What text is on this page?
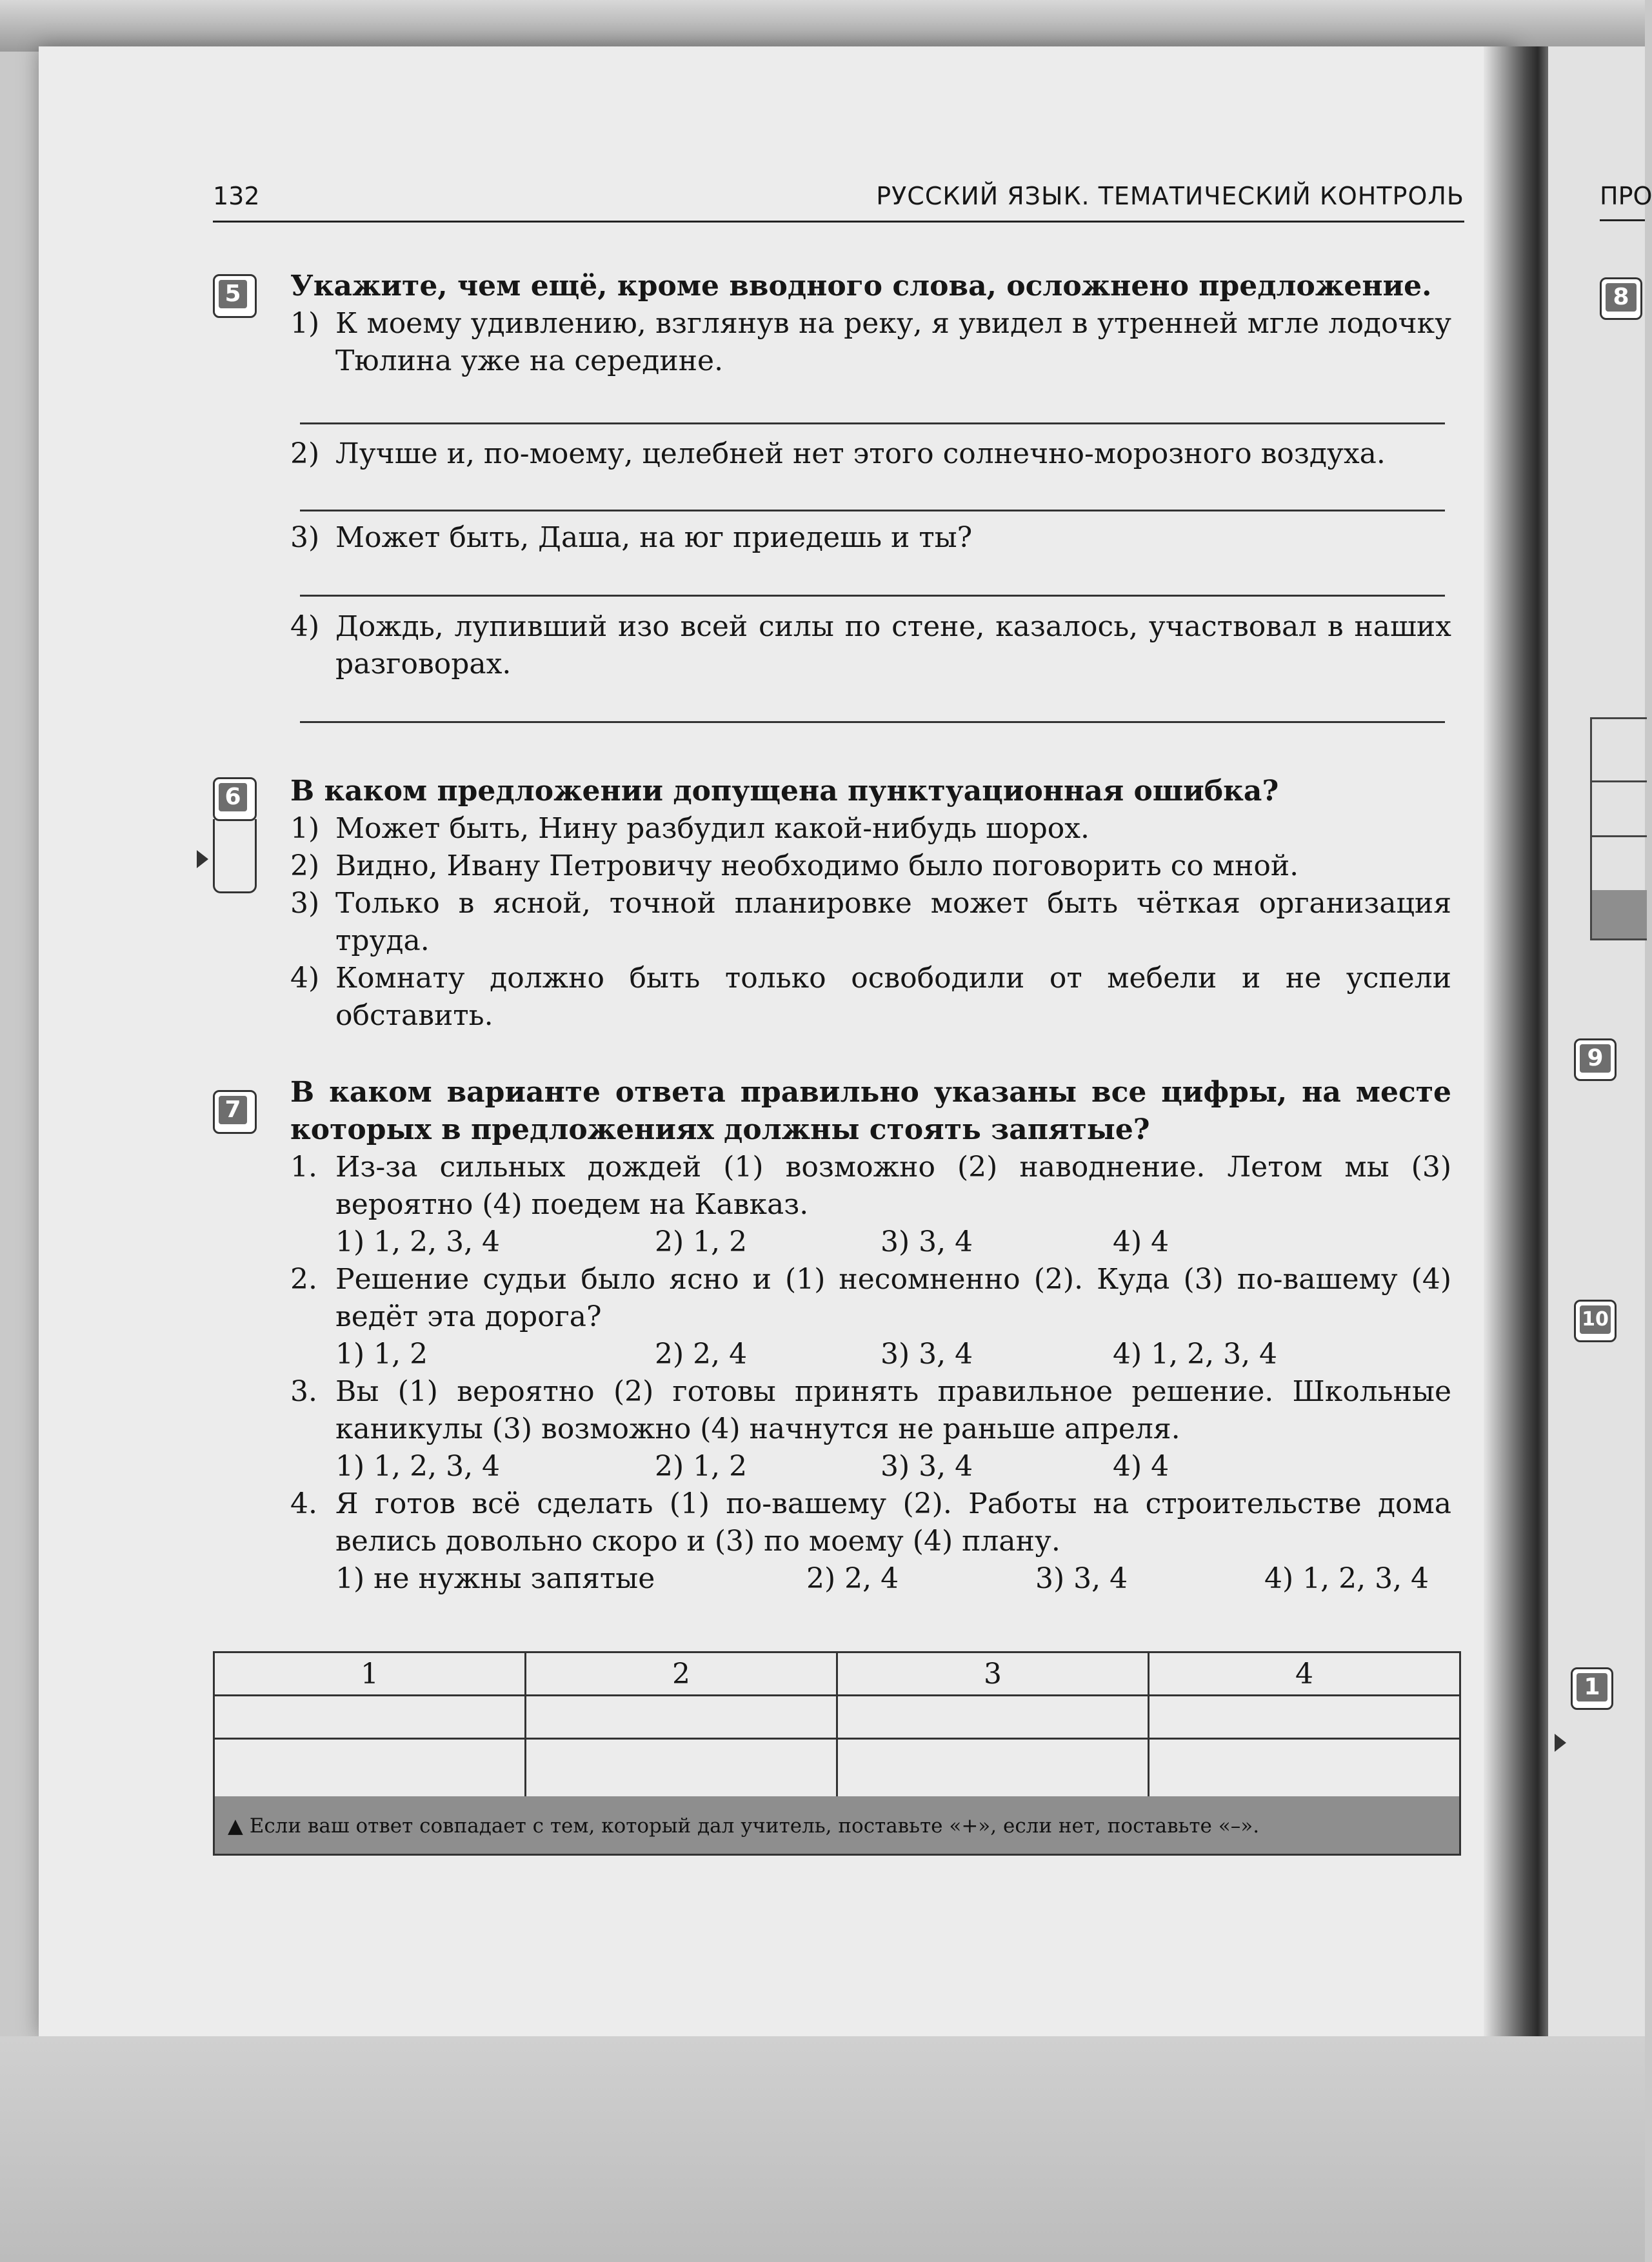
132	РУССКИЙ ЯЗЫК. ТЕМАТИЧЕСКИЙ КОНТРОЛЬ	ПРО
5 Укажите, чем ещё, кроме вводного слова, осложнено предложение.
1) К моему удивлению, взглянув на реку, я увидел в утренней мгле лодочку Тюлина уже на середине.
2) Лучше и, по-моему, целебней нет этого солнечно-морозного воздуха.
3) Может быть, Даша, на юг приедешь и ты?
4) Дождь, лупивший изо всей силы по стене, казалось, участвовал в наших разговорах.
6 В каком предложении допущена пунктуационная ошибка?
1) Может быть, Нину разбудил какой-нибудь шорох.
2) Видно, Ивану Петровичу необходимо было поговорить со мной.
3) Только в ясной, точной планировке может быть чёткая организация труда.
4) Комнату должно быть только освободили от мебели и не успели обставить.
7
В каком варианте ответа правильно указаны все цифры, на месте которых в предложениях должны стоять запятые?
1. Из-за сильных дождей (1) возможно (2) наводнение. Летом мы (3) вероятно (4) поедем на Кавказ.
1) 1, 2, 3, 4	2) 1, 2	3) 3, 4	4) 4
2. Решение судьи было ясно и (1) несомненно (2). Куда (3) по-вашему (4) ведёт эта дорога?
1) 1, 2	2) 2, 4	3) 3, 4	4) 1, 2, 3, 4
3. Вы (1) вероятно (2) готовы принять правильное решение. Школьные каникулы (3) возможно (4) начнутся не раньше апреля.
1) 1, 2, 3, 4	2) 1, 2	3) 3, 4	4) 4
4. Я готов всё сделать (1) по-вашему (2). Работы на строительстве дома велись довольно скоро и (3) по моему (4) плану.
1) не нужны запятые	2) 2, 4	3) 3, 4	4) 1, 2, 3, 4
1	2	3	4

▲ Если ваш ответ совпадает с тем, который дал учитель, поставьте «+», если нет, поставьте «–».
8
9
10
1
